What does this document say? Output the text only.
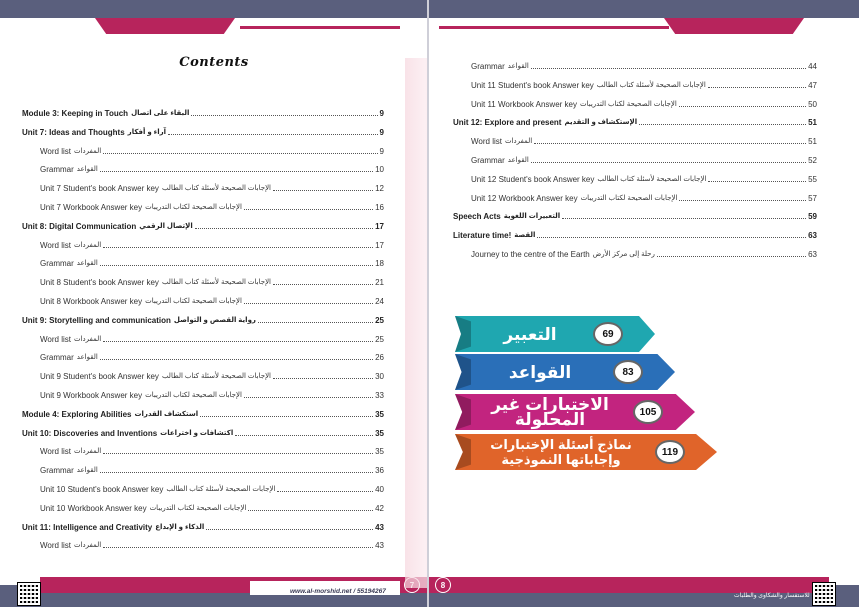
Contents
Module 3: Keeping in Touch البقاء على اتصال	9
Unit 7: Ideas and Thoughts آراء و أفكار	9
Word list المفردات	9
Grammar القواعد	10
Unit 7 Student's book Answer key الإجابات الصحيحة لأسئلة كتاب الطالب	12
Unit 7 Workbook Answer key الإجابات الصحيحة لكتاب التدريبات	16
Unit 8: Digital Communication الإتصال الرقمي	17
Word list المفردات	17
Grammar القواعد	18
Unit 8 Student's book Answer key الإجابات الصحيحة لأسئلة كتاب الطالب	21
Unit 8 Workbook Answer key الإجابات الصحيحة لكتاب التدريبات	24
Unit 9: Storytelling and communication رواية القصص و التواصل	25
Word list المفردات	25
Grammar القواعد	26
Unit 9 Student's book Answer key الإجابات الصحيحة لأسئلة كتاب الطالب	30
Unit 9 Workbook Answer key الإجابات الصحيحة لكتاب التدريبات	33
Module 4: Exploring Abilities استكشاف القدرات	35
Unit 10: Discoveries and Inventions اكتشافات و اختراعات	35
Word list المفردات	35
Grammar القواعد	36
Unit 10 Student's book Answer key الإجابات الصحيحة لأسئلة كتاب الطالب	40
Unit 10 Workbook Answer key الإجابات الصحيحة لكتاب التدريبات	42
Unit 11: Intelligence and Creativity الذكاء و الإبداع	43
Word list المفردات	43
www.al-morshid.net / 55194267
8
للاستفسار والشكاوى والطلبات
Grammar القواعد	44
Unit 11 Student's book Answer key الإجابات الصحيحة لأسئلة كتاب الطالب	47
Unit 11 Workbook Answer key الإجابات الصحيحة لكتاب التدريبات	50
Unit 12: Explore and present الإستكشاف و التقديم	51
Word list المفردات	51
Grammar القواعد	52
Unit 12 Student's book Answer key الإجابات الصحيحة لأسئلة كتاب الطالب	55
Unit 12 Workbook Answer key الإجابات الصحيحة لكتاب التدريبات	57
Speech Acts التعبيرات اللغوية	59
Literature time! القصة	63
Journey to the centre of the Earth رحلة إلى مركز الأرض	63
التعبير	69
القواعد	83
الاختبارات غير المحلولة	105
نماذج أسئلة الإختبارات وإجاباتها النموذجية	119
